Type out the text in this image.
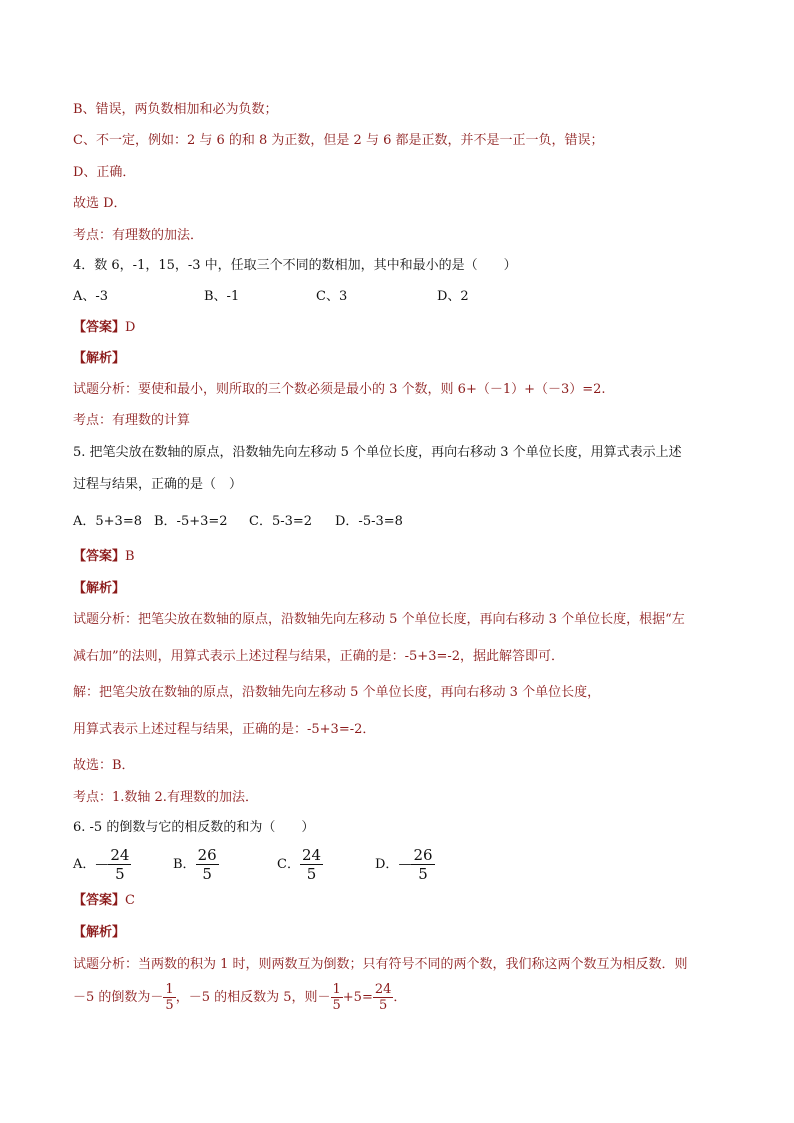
B、错误，两负数相加和必为负数；
C、不一定，例如：2 与 6 的和 8 为正数，但是 2 与 6 都是正数，并不是一正一负，错误；
D、正确．
故选 D．
考点：有理数的加法．
4．数 6，-1，15，-3 中，任取三个不同的数相加，其中和最小的是（　　）
A、-3	B、-1	C、3	D、2
【答案】D
【解析】
试题分析：要使和最小，则所取的三个数必须是最小的 3 个数，则 6+（－1）+（－3）=2.
考点：有理数的计算
5. 把笔尖放在数轴的原点，沿数轴先向左移动 5 个单位长度，再向右移动 3 个单位长度，用算式表示上述
过程与结果，正确的是（　）
A．5+3=8 B．-5+3=2 C．5-3=2 D．-5-3=8
【答案】B
【解析】
试题分析：把笔尖放在数轴的原点，沿数轴先向左移动 5 个单位长度，再向右移动 3 个单位长度，根据“左
减右加”的法则，用算式表示上述过程与结果，正确的是：-5+3=-2，据此解答即可．
解：把笔尖放在数轴的原点，沿数轴先向左移动 5 个单位长度，再向右移动 3 个单位长度，
用算式表示上述过程与结果，正确的是：-5+3=-2．
故选：B．
考点：1.数轴 2.有理数的加法．
6. -5 的倒数与它的相反数的和为（　　）
A．— $\frac{24}{5}$	B． $\frac{26}{5}$	C． $\frac{24}{5}$	D．— $\frac{26}{5}$
【答案】C
【解析】
试题分析：当两数的积为 1 时，则两数互为倒数；只有符号不同的两个数，我们称这两个数互为相反数．则
－5 的倒数为－ $\frac{1}{5}$ ，－5 的相反数为 5，则－ $\frac{1}{5} +5= \frac{24}{5}$ ．
